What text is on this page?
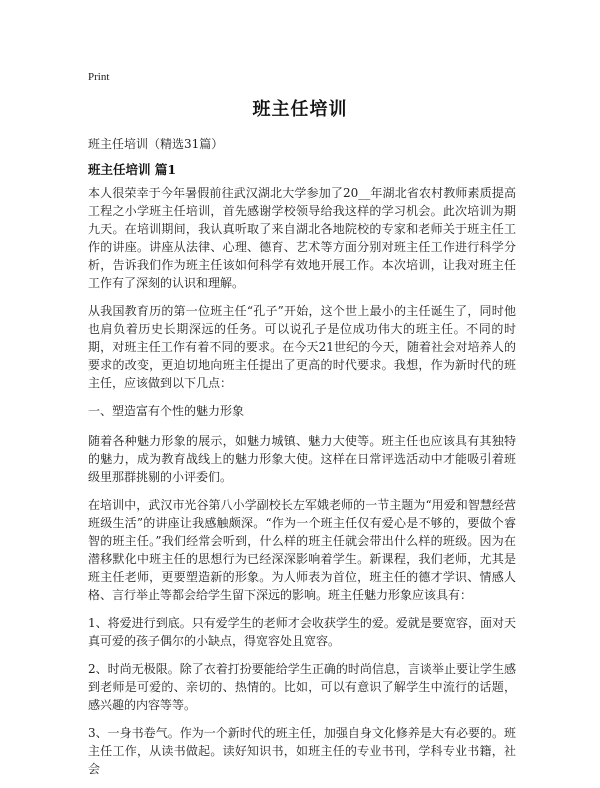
Print
班主任培训
班主任培训（精选31篇）
班主任培训 篇1

本人很荣幸于今年暑假前往武汉湖北大学参加了20__年湖北省农村教师素质提高工程之小学班主任培训，首先感谢学校领导给我这样的学习机会。此次培训为期九天。在培训期间，我认真听取了来自湖北各地院校的专家和老师关于班主任工作的讲座。讲座从法律、心理、德育、艺术等方面分别对班主任工作进行科学分析，告诉我们作为班主任该如何科学有效地开展工作。本次培训，让我对班主任工作有了深刻的认识和理解。

从我国教育历的第一位班主任“孔子”开始，这个世上最小的主任诞生了，同时他也肩负着历史长期深远的任务。可以说孔子是位成功伟大的班主任。不同的时期，对班主任工作有着不同的要求。在今天21世纪的今天，随着社会对培养人的要求的改变，更迫切地向班主任提出了更高的时代要求。我想，作为新时代的班主任，应该做到以下几点：

一、塑造富有个性的魅力形象

随着各种魅力形象的展示，如魅力城镇、魅力大使等。班主任也应该具有其独特的魅力，成为教育战线上的魅力形象大使。这样在日常评选活动中才能吸引着班级里那群挑剔的小评委们。

在培训中，武汉市光谷第八小学副校长左军娥老师的一节主题为“用爱和智慧经营班级生活”的讲座让我感触颇深。“作为一个班主任仅有爱心是不够的，要做个睿智的班主任。”我们经常会听到，什么样的班主任就会带出什么样的班级。因为在潜移默化中班主任的思想行为已经深深影响着学生。新课程，我们老师，尤其是班主任老师，更要塑造新的形象。为人师表为首位，班主任的德才学识、情感人格、言行举止等都会给学生留下深远的影响。班主任魅力形象应该具有：

1、将爱进行到底。只有爱学生的老师才会收获学生的爱。爱就是要宽容，面对天真可爱的孩子偶尔的小缺点，得宽容处且宽容。

2、时尚无极限。除了衣着打扮要能给学生正确的时尚信息，言谈举止要让学生感到老师是可爱的、亲切的、热情的。比如，可以有意识了解学生中流行的话题，感兴趣的内容等等。

3、一身书卷气。作为一个新时代的班主任，加强自身文化修养是大有必要的。班主任工作，从读书做起。读好知识书，如班主任的专业书刊，学科专业书籍，社会
